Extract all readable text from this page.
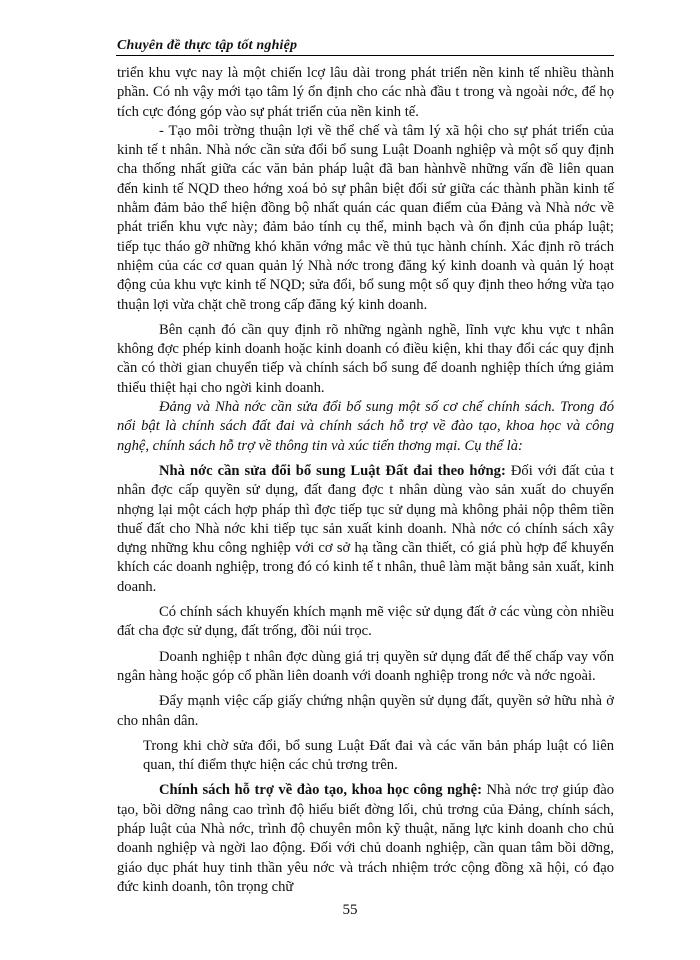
Chuyên đề thực tập tốt nghiệp

triển khu vực nay là một chiến lcợ lâu dài trong phát triển nền kinh tế nhiều thành phần. Có nh vậy mới tạo tâm lý ổn định cho các nhà đầu t trong và ngoài nớc, để họ tích cực đóng góp vào sự phát triển của nền kinh tế.

- Tạo môi trờng thuận lợi về thể chế và tâm lý xã hội cho sự phát triển của kinh tế t nhân. Nhà nớc cần sửa đổi bổ sung Luật Doanh nghiệp và một số quy định cha thống nhất giữa các văn bản pháp luật đã ban hànhvề những vấn đề liên quan đến kinh tế NQD theo hớng xoá bỏ sự phân biệt đối sử giữa các thành phần kinh tế nhằm đảm bảo thể hiện đồng bộ nhất quán các quan điểm của Đảng và Nhà nớc về phát triển khu vực này; đảm bảo tính cụ thể, minh bạch và ổn định của pháp luật; tiếp tục tháo gỡ những khó khăn vớng mắc về thủ tục hành chính. Xác định rõ trách nhiệm của các cơ quan quản lý Nhà nớc trong đăng ký kinh doanh và quản lý hoạt động của khu vực kinh tế NQD; sửa đổi, bổ sung một số quy định theo hớng vừa tạo thuận lợi vừa chặt chẽ trong cấp đăng ký kinh doanh.

Bên cạnh đó cần quy định rõ những ngành nghề, lĩnh vực khu vực t nhân không đợc phép kinh doanh hoặc kinh doanh có điều kiện, khi thay đổi các quy định cần có thời gian chuyển tiếp và chính sách bổ sung để doanh nghiệp thích ứng giảm thiểu thiệt hại cho ngời kinh doanh.

Đảng và Nhà nớc cần sửa đổi bổ sung một số cơ chế chính sách. Trong đó nổi bật là chính sách đất đai và chính sách hỗ trợ về đào tạo, khoa học và công nghệ, chính sách hỗ trợ về thông tin và xúc tiến thơng mại. Cụ thể là:

Nhà nớc cần sửa đổi bổ sung Luật Đất đai theo hớng: Đối với đất của t nhân đợc cấp quyền sử dụng, đất đang đợc t nhân dùng vào sản xuất do chuyển nhợng lại một cách hợp pháp thì đợc tiếp tục sử dụng mà không phải nộp thêm tiền thuế đất cho Nhà nớc khi tiếp tục sản xuất kinh doanh. Nhà nớc có chính sách xây dựng những khu công nghiệp với cơ sở hạ tầng cần thiết, có giá phù hợp để khuyến khích các doanh nghiệp, trong đó có kinh tế t nhân, thuê làm mặt bằng sản xuất, kinh doanh.

Có chính sách khuyến khích mạnh mẽ việc sử dụng đất ở các vùng còn nhiều đất cha đợc sử dụng, đất trống, đồi núi trọc.

Doanh nghiệp t nhân đợc dùng giá trị quyền sử dụng đất để thế chấp vay vốn ngân hàng hoặc góp cổ phần liên doanh với doanh nghiệp trong nớc và nớc ngoài.

Đẩy mạnh việc cấp giấy chứng nhận quyền sử dụng đất, quyền sở hữu nhà ở cho nhân dân.

Trong khi chờ sửa đổi, bổ sung Luật Đất đai và các văn bản pháp luật có liên quan, thí điểm thực hiện các chủ trơng trên.

Chính sách hỗ trợ về đào tạo, khoa học công nghệ: Nhà nớc trợ giúp đào tạo, bồi dỡng nâng cao trình độ hiểu biết đờng lối, chủ trơng của Đảng, chính sách, pháp luật của Nhà nớc, trình độ chuyên môn kỹ thuật, năng lực kinh doanh cho chủ doanh nghiệp và ngời lao động. Đối với chủ doanh nghiệp, cần quan tâm bồi dỡng, giáo dục phát huy tinh thần yêu nớc và trách nhiệm trớc cộng đồng xã hội, có đạo đức kinh doanh, tôn trọng chữ

55
